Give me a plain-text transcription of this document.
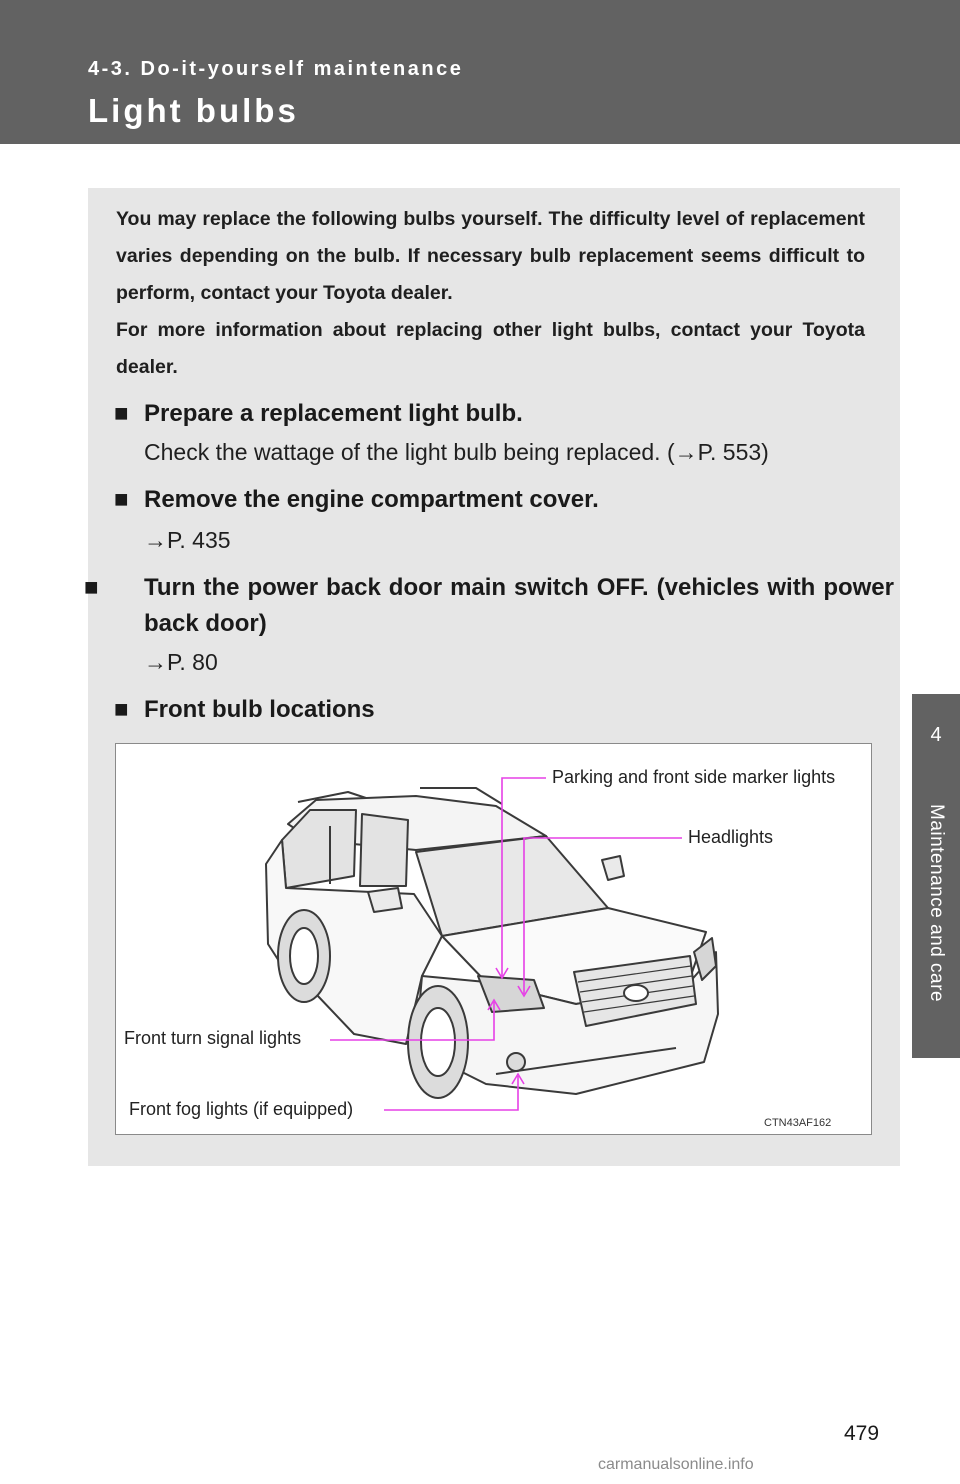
4-3. Do-it-yourself maintenance
Light bulbs
4
Maintenance and care

You may replace the following bulbs yourself. The difficulty level of replacement varies depending on the bulb. If necessary bulb replacement seems difficult to perform, contact your Toyota dealer.

For more information about replacing other light bulbs, contact your Toyota dealer.

■ Prepare a replacement light bulb.
Check the wattage of the light bulb being replaced. (→P. 553)
■ Remove the engine compartment cover.
→P. 435
■ Turn the power back door main switch OFF. (vehicles with power back door)
→P. 80
■ Front bulb locations
Parking and front side marker lights
Headlights
Front turn signal lights
Front fog lights (if equipped)
CTN43AF162
479
carmanualsonline.info
